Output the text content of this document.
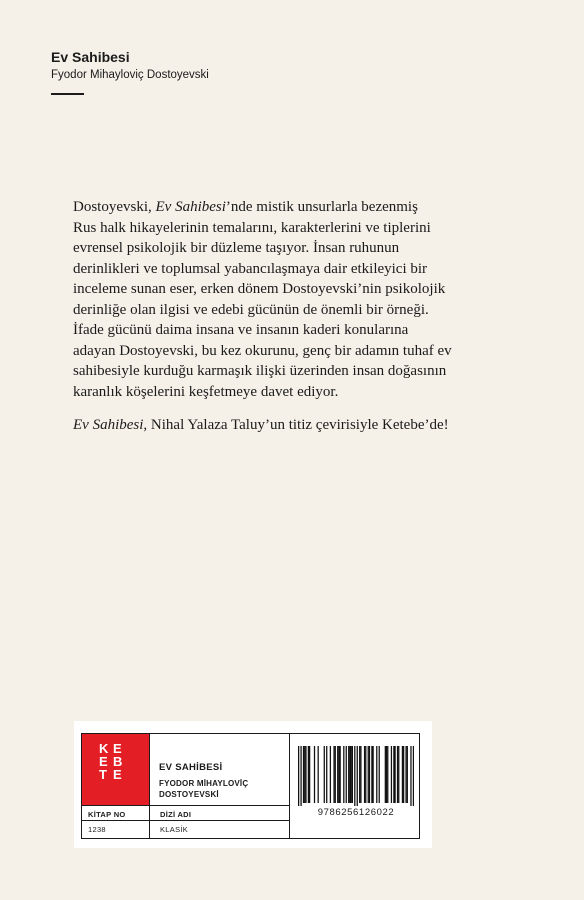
Ev Sahibesi
Fyodor Mihayloviç Dostoyevski
Dostoyevski, Ev Sahibesi’nde mistik unsurlarla bezenmiş
Rus halk hikayelerinin temalarını, karakterlerini ve tiplerini
evrensel psikolojik bir düzleme taşıyor. İnsan ruhunun
derinlikleri ve toplumsal yabancılaşmaya dair etkileyici bir
inceleme sunan eser, erken dönem Dostoyevski’nin psikolojik
derinliğe olan ilgisi ve edebi gücünün de önemli bir örneği.
İfade gücünü daima insana ve insanın kaderi konularına
adayan Dostoyevski, bu kez okurunu, genç bir adamın tuhaf ev
sahibesiyle kurduğu karmaşık ilişki üzerinden insan doğasının
karanlık köşelerini keşfetmeye davet ediyor.
Ev Sahibesi, Nihal Yalaza Taluy’un titiz çevirisiyle Ketebe’de!
K
E
T
E
B
E	EV SAHİBESİ
FYODOR MİHAYLOVİÇ
DOSTOYEVSKİ
KİTAP NO
1238
DİZİ ADI
KLASİK
9786256126022
